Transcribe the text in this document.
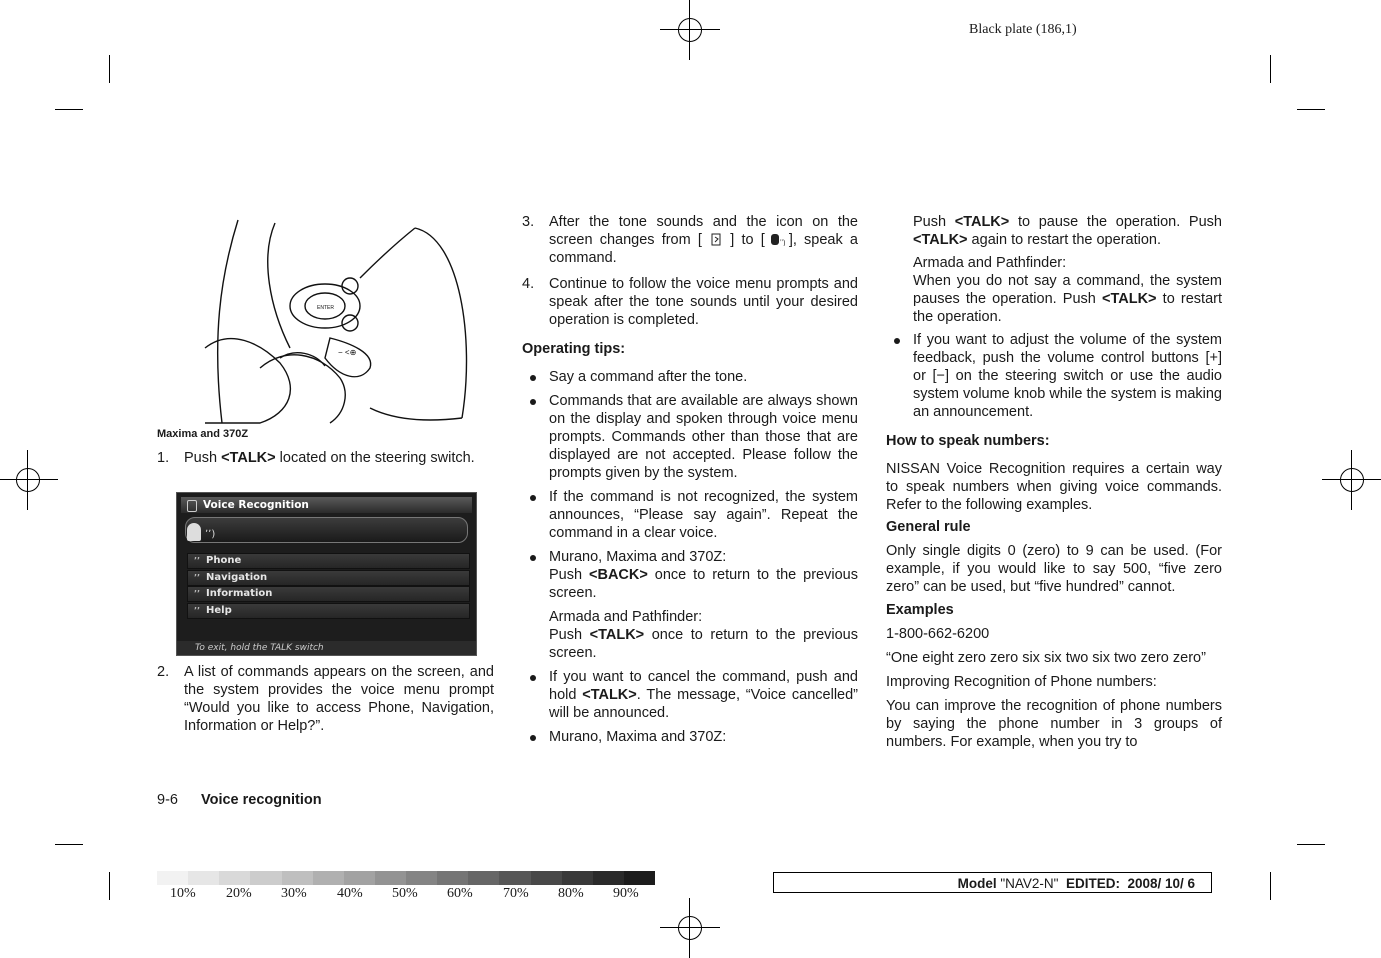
Black plate (186,1)
ENTER
− <⊕
Maxima and 370Z
1. Push <TALK> located on the steering switch.
Voice Recognition
ʼʼ)
ʼʼ Phone
ʼʼ Navigation
ʼʼ Information
ʼʼ Help
To exit, hold the TALK switch
2. A list of commands appears on the screen, and the system provides the voice menu prompt “Would you like to access Phone, Navigation, Information or Help?”.
3. After the tone sounds and the icon on the screen changes from [ ] to [ ʼʼ) ], speak a command.
4. Continue to follow the voice menu prompts and speak after the tone sounds until your desired operation is completed.
Operating tips:
Say a command after the tone.
Commands that are available are always shown on the display and spoken through voice menu prompts. Commands other than those that are displayed are not accepted. Please follow the prompts given by the system.
If the command is not recognized, the system announces, “Please say again”. Repeat the command in a clear voice.

Murano, Maxima and 370Z:

Push <BACK> once to return to the previous screen.

Armada and Pathfinder:

Push <TALK> once to return to the previous screen.

If you want to cancel the command, push and hold <TALK>. The message, “Voice cancelled” will be announced.
Murano, Maxima and 370Z:

Push <TALK> to pause the operation. Push <TALK> again to restart the operation.

Armada and Pathfinder:

When you do not say a command, the system pauses the operation. Push <TALK> to restart the operation.

If you want to adjust the volume of the system feedback, push the volume control buttons [+] or [−] on the steering switch or use the audio system volume knob while the system is making an announcement.
How to speak numbers:

NISSAN Voice Recognition requires a certain way to speak numbers when giving voice commands. Refer to the following examples.

General rule

Only single digits 0 (zero) to 9 can be used. (For example, if you would like to say 500, “five zero zero” can be used, but “five hundred” cannot.

Examples

1-800-662-6200

“One eight zero zero six six two six two zero zero”

Improving Recognition of Phone numbers:

You can improve the recognition of phone numbers by saying the phone number in 3 groups of numbers. For example, when you try to

9-6 Voice recognition
10% 20% 30% 40% 50% 60% 70% 80% 90%
Model "NAV2-N"  EDITED:  2008/ 10/ 6
